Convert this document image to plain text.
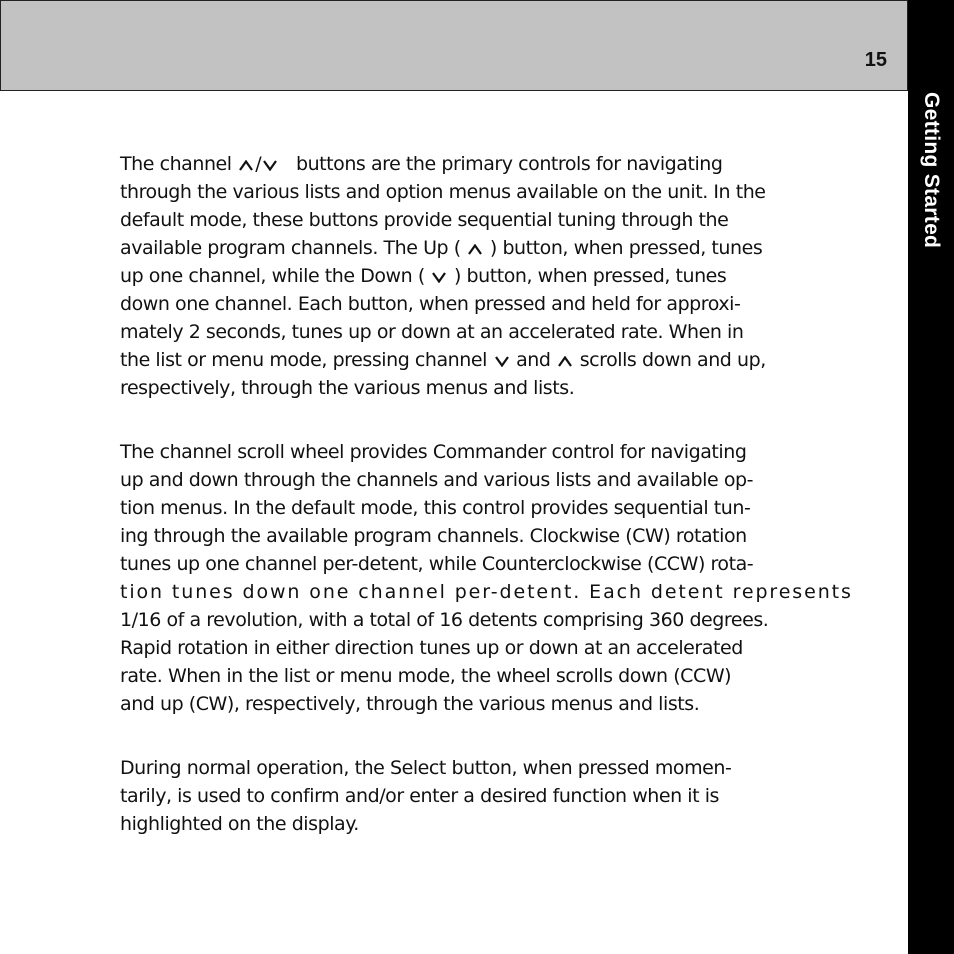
15
Getting Started

The channel / buttons are the primary controls for navigating
through the various lists and option menus available on the unit. In the
default mode, these buttons provide sequential tuning through the
available program channels. The Up ( ) button, when pressed, tunes
up one channel, while the Down ( ) button, when pressed, tunes
down one channel. Each button, when pressed and held for approxi-
mately 2 seconds, tunes up or down at an accelerated rate. When in
the list or menu mode, pressing channel and scrolls down and up,
respectively, through the various menus and lists.

The channel scroll wheel provides Commander control for navigating
up and down through the channels and various lists and available op-
tion menus. In the default mode, this control provides sequential tun-
ing through the available program channels. Clockwise (CW) rotation
tunes up one channel per-detent, while Counterclockwise (CCW) rota-
tion tunes down one channel per-detent. Each detent represents
1/16 of a revolution, with a total of 16 detents comprising 360 degrees.
Rapid rotation in either direction tunes up or down at an accelerated
rate. When in the list or menu mode, the wheel scrolls down (CCW)
and up (CW), respectively, through the various menus and lists.

During normal operation, the Select button, when pressed momen-
tarily, is used to confirm and/or enter a desired function when it is
highlighted on the display.
